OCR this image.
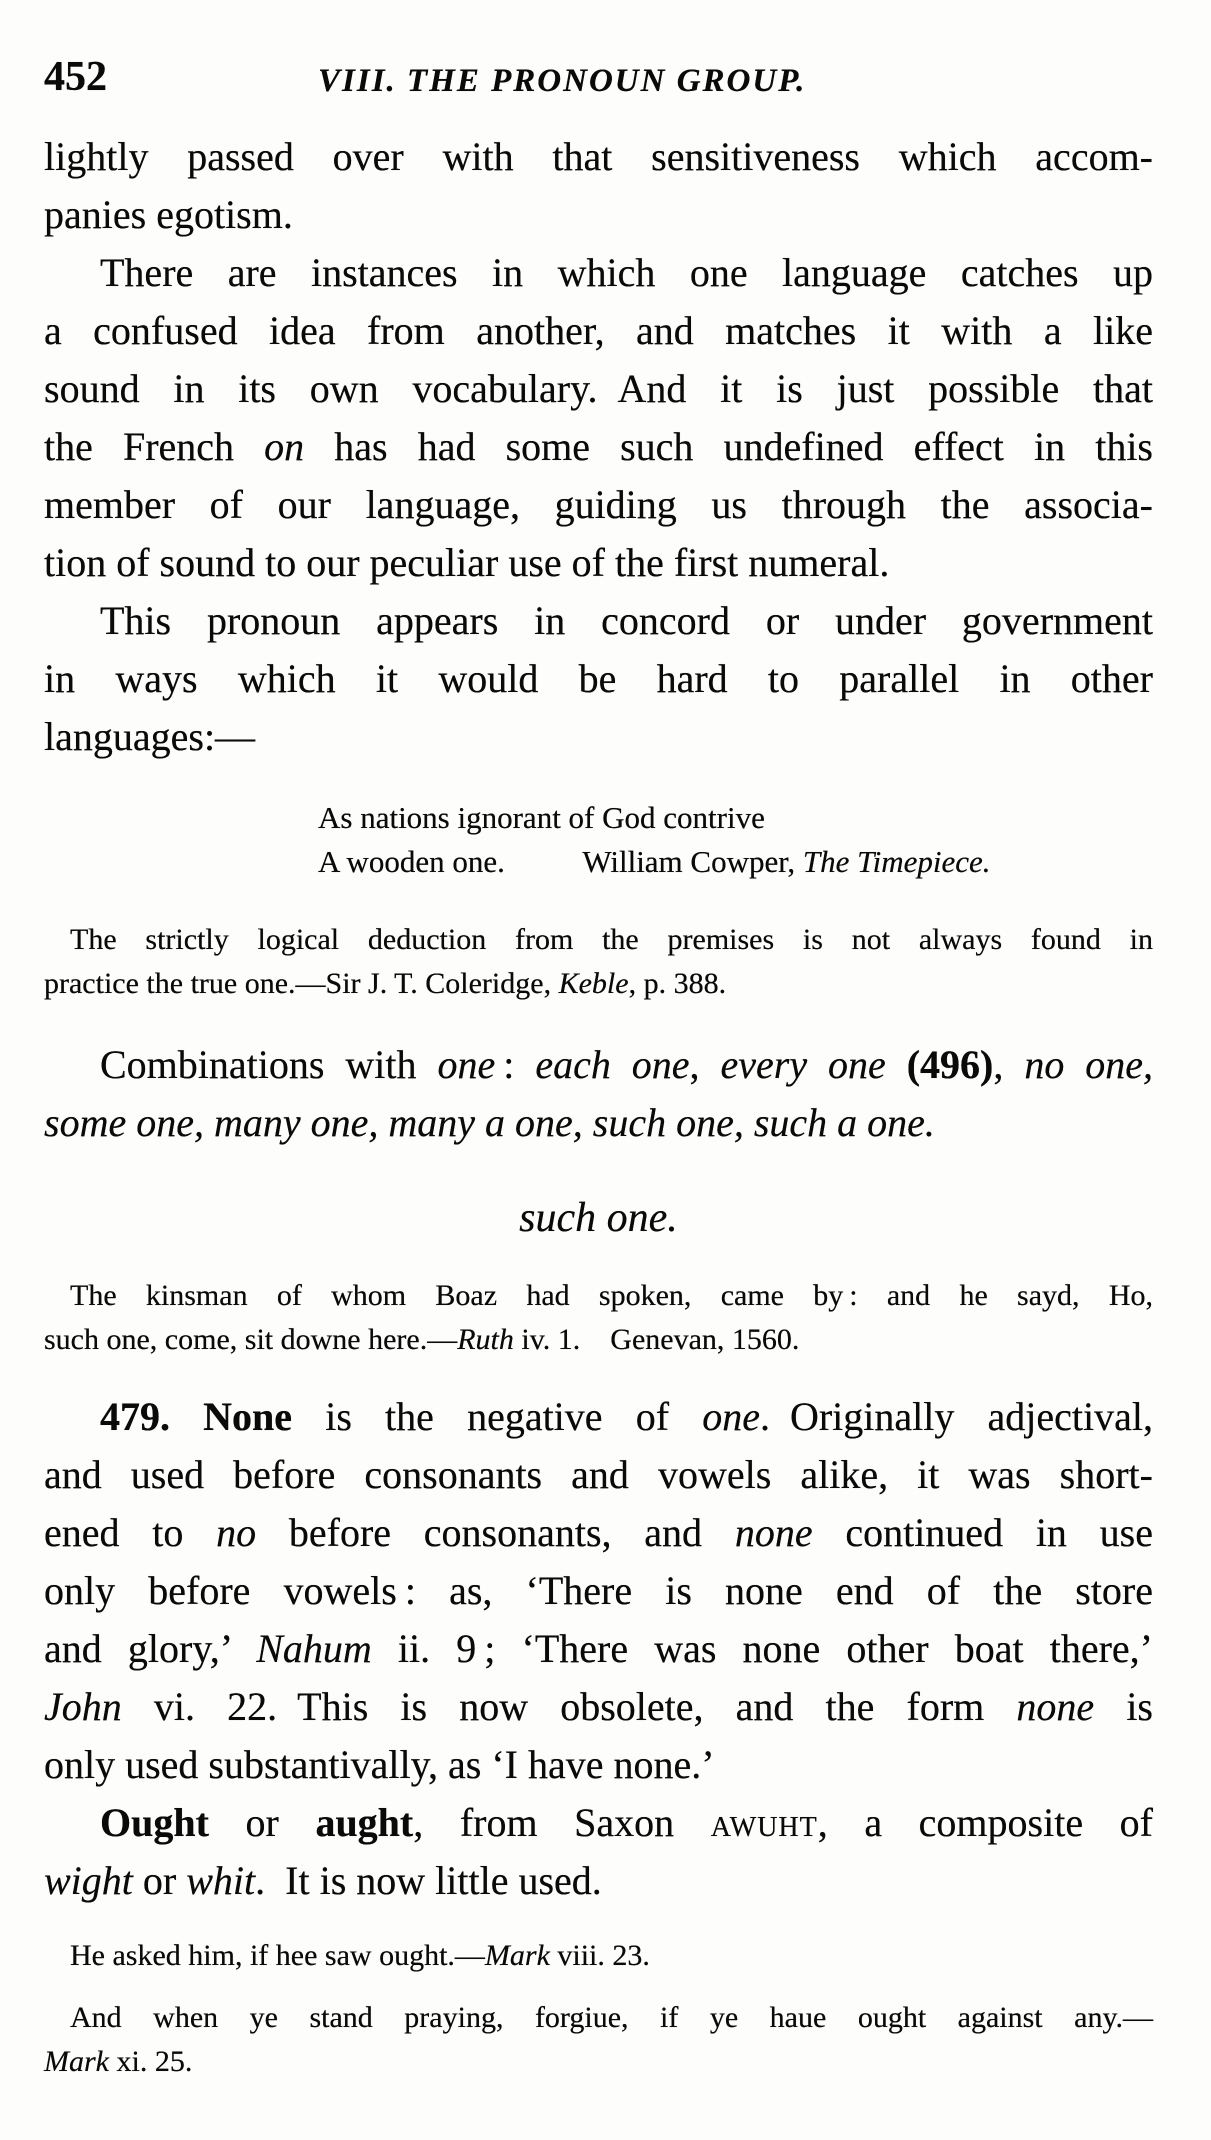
452	VIII. THE PRONOUN GROUP.
lightly passed over with that sensitiveness which accom-
panies egotism.
There are instances in which one language catches up
a confused idea from another, and matches it with a like
sound in its own vocabulary. And it is just possible that
the French on has had some such undefined effect in this
member of our language, guiding us through the associa-
tion of sound to our peculiar use of the first numeral.
This pronoun appears in concord or under government
in ways which it would be hard to parallel in other
languages:—
As nations ignorant of God contrive
A wooden one.   William Cowper, The Timepiece.
The strictly logical deduction from the premises is not always found in
practice the true one.—Sir J. T. Coleridge, Keble, p. 388.
Combinations with one : each one, every one (496), no one,
some one, many one, many a one, such one, such a one.
such one.
The kinsman of whom Boaz had spoken, came by : and he sayd, Ho,
such one, come, sit downe here.—Ruth iv. 1.  Genevan, 1560.
479. None is the negative of one. Originally adjectival,
and used before consonants and vowels alike, it was short-
ened to no before consonants, and none continued in use
only before vowels : as, ‘There is none end of the store
and glory,’ Nahum ii. 9 ; ‘There was none other boat there,’
John vi. 22. This is now obsolete, and the form none is
only used substantivally, as ‘I have none.’
Ought or aught, from Saxon awuht, a composite of
wight or whit. It is now little used.
He asked him, if hee saw ought.—Mark viii. 23.
And when ye stand praying, forgiue, if ye haue ought against any.—
Mark xi. 25.
